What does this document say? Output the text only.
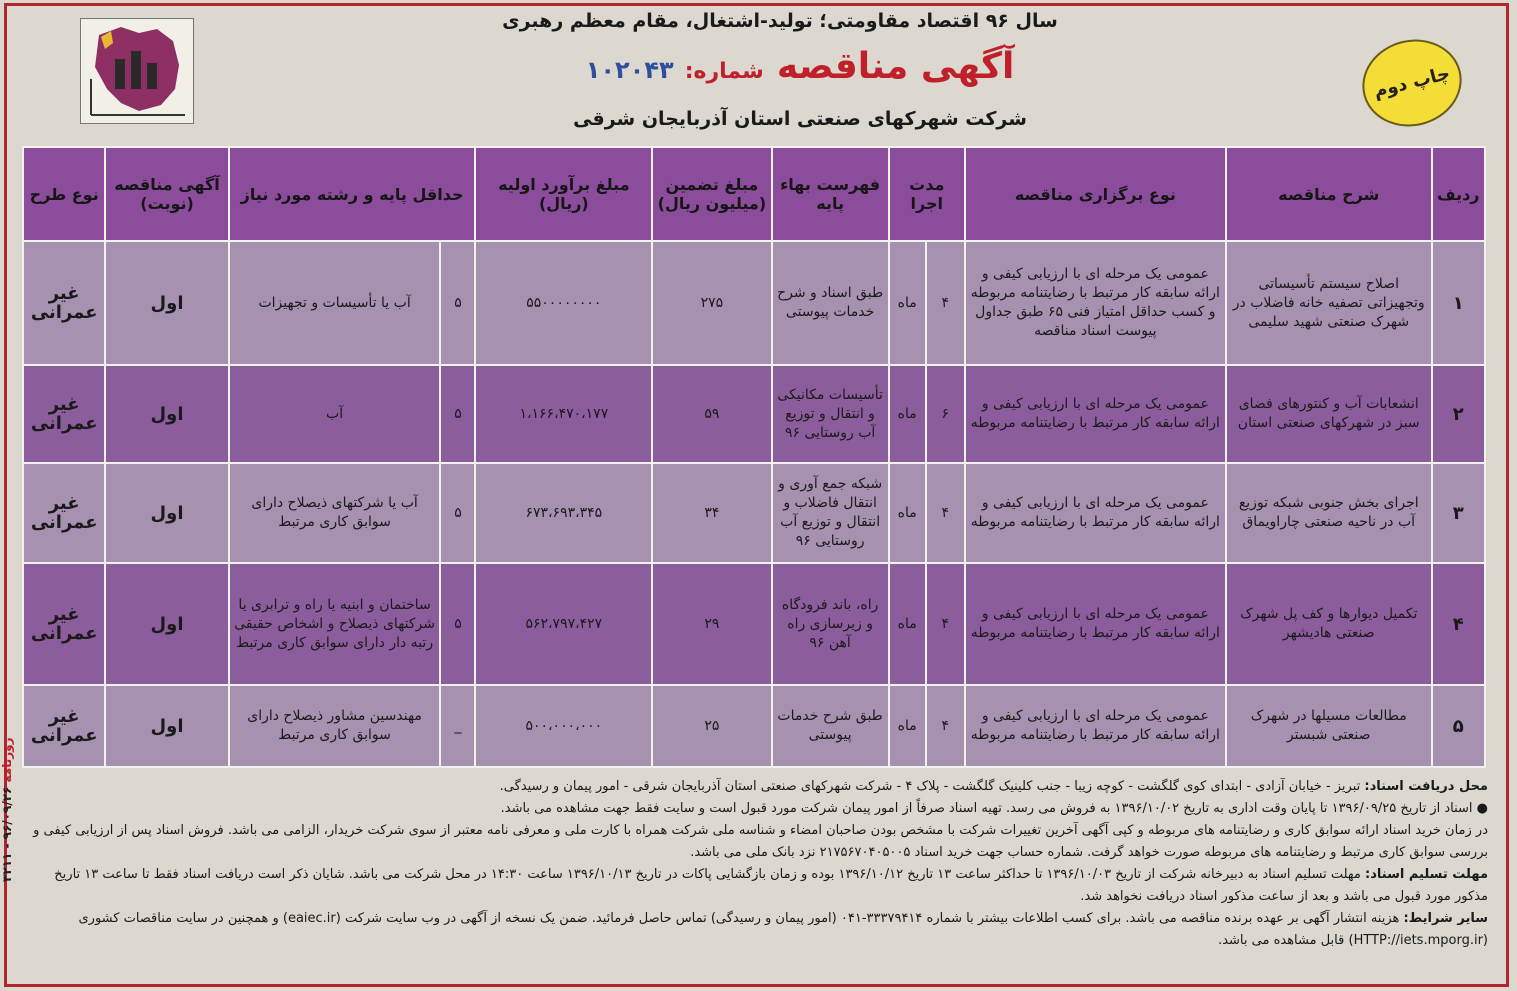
سال ۹۶ اقتصاد مقاومتی؛ تولید-اشتغال، مقام معظم رهبری
آگهی مناقصه شماره: ۱۰۲۰۴۳
شرکت شهرکهای صنعتی استان آذربایجان شرقی
چاپ دوم
ردیف	شرح مناقصه	نوع برگزاری مناقصه	مدت اجرا		فهرست بهاء پایه	مبلغ تضمین (میلیون ریال)	مبلغ برآورد اولیه (ریال)	حداقل پایه و رشته مورد نیاز		آگهی مناقصه (نوبت)	نوع طرح
۱	اصلاح سیستم تأسیساتی وتجهیزاتی تصفیه خانه فاضلاب در شهرک صنعتی شهید سلیمی	عمومی یک مرحله ای با ارزیابی کیفی و ارائه سابقه کار مرتبط با رضایتنامه مربوطه و کسب حداقل امتیاز فنی ۶۵ طبق جداول پیوست اسناد مناقصه	۴	ماه	طبق اسناد و شرح خدمات پیوستی	۲۷۵	۵۵۰۰۰۰۰۰۰۰	۵	آب یا تأسیسات و تجهیزات	اول	غیر عمرانی
۲	انشعابات آب و کنتورهای فضای سبز در شهرکهای صنعتی استان	عمومی یک مرحله ای با ارزیابی کیفی و ارائه سابقه کار مرتبط با رضایتنامه مربوطه	۶	ماه	تأسیسات مکانیکی و انتقال و توزیع آب روستایی ۹۶	۵۹	۱،۱۶۶،۴۷۰،۱۷۷	۵	آب	اول	غیر عمرانی
۳	اجرای بخش جنوبی شبکه توزیع آب در ناحیه صنعتی چاراویماق	عمومی یک مرحله ای با ارزیابی کیفی و ارائه سابقه کار مرتبط با رضایتنامه مربوطه	۴	ماه	شبکه جمع آوری و انتقال فاضلاب و انتقال و توزیع آب روستایی ۹۶	۳۴	۶۷۳،۶۹۳،۳۴۵	۵	آب یا شرکتهای ذیصلاح دارای سوابق کاری مرتبط	اول	غیر عمرانی
۴	تکمیل دیوارها و کف پل شهرک صنعتی هادیشهر	عمومی یک مرحله ای با ارزیابی کیفی و ارائه سابقه کار مرتبط با رضایتنامه مربوطه	۴	ماه	راه، باند فرودگاه و زیرسازی راه آهن ۹۶	۲۹	۵۶۲،۷۹۷،۴۲۷	۵	ساختمان و ابنیه یا راه و ترابری یا شرکتهای ذیصلاح و اشخاص حقیقی رتبه دار دارای سوابق کاری مرتبط	اول	غیر عمرانی
۵	مطالعات مسیلها در شهرک صنعتی شبستر	عمومی یک مرحله ای با ارزیابی کیفی و ارائه سابقه کار مرتبط با رضایتنامه مربوطه	۴	ماه	طبق شرح خدمات پیوستی	۲۵	۵۰۰،۰۰۰،۰۰۰	_	مهندسین مشاور ذیصلاح دارای سوابق کاری مرتبط	اول	غیر عمرانی

محل دریافت اسناد: تبریز - خیابان آزادی - ابتدای کوی گلگشت - کوچه زیبا - جنب کلینیک گلگشت - پلاک ۴ - شرکت شهرکهای صنعتی استان آذربایجان شرقی - امور پیمان و رسیدگی.

● اسناد از تاریخ ۱۳۹۶/۰۹/۲۵ تا پایان وقت اداری به تاریخ ۱۳۹۶/۱۰/۰۲ به فروش می رسد. تهیه اسناد صرفاً از امور پیمان شرکت مورد قبول است و سایت فقط جهت مشاهده می باشد.

در زمان خرید اسناد ارائه سوابق کاری و رضایتنامه های مربوطه و کپی آگهی آخرین تغییرات شرکت با مشخص بودن صاحبان امضاء و شناسه ملی شرکت همراه با کارت ملی و معرفی نامه معتبر از سوی شرکت خریدار، الزامی می باشد. فروش اسناد پس از ارزیابی کیفی و بررسی سوابق کاری مرتبط و رضایتنامه های مربوطه صورت خواهد گرفت. شماره حساب جهت خرید اسناد ۲۱۷۵۶۷۰۴۰۵۰۰۵ نزد بانک ملی می باشد.

مهلت تسلیم اسناد: مهلت تسلیم اسناد به دبیرخانه شرکت از تاریخ ۱۳۹۶/۱۰/۰۳ تا حداکثر ساعت ۱۳ تاریخ ۱۳۹۶/۱۰/۱۲ بوده و زمان بازگشایی پاکات در تاریخ ۱۳۹۶/۱۰/۱۳ ساعت ۱۴:۳۰ در محل شرکت می باشد. شایان ذکر است دریافت اسناد فقط تا ساعت ۱۳ تاریخ مذکور مورد قبول می باشد و بعد از ساعت مذکور اسناد دریافت نخواهد شد.

سایر شرایط: هزینه انتشار آگهی بر عهده برنده مناقصه می باشد. برای کسب اطلاعات بیشتر با شماره ۳۳۳۷۹۴۱۴-۰۴۱ (امور پیمان و رسیدگی) تماس حاصل فرمائید. ضمن یک نسخه از آگهی در وب سایت شرکت (eaiec.ir) و همچنین در سایت مناقصات کشوری (HTTP://iets.mporg.ir) قابل مشاهده می باشد.

روزنامه ۹۶/۰۹/۲۶ - ۳۲۱۱
